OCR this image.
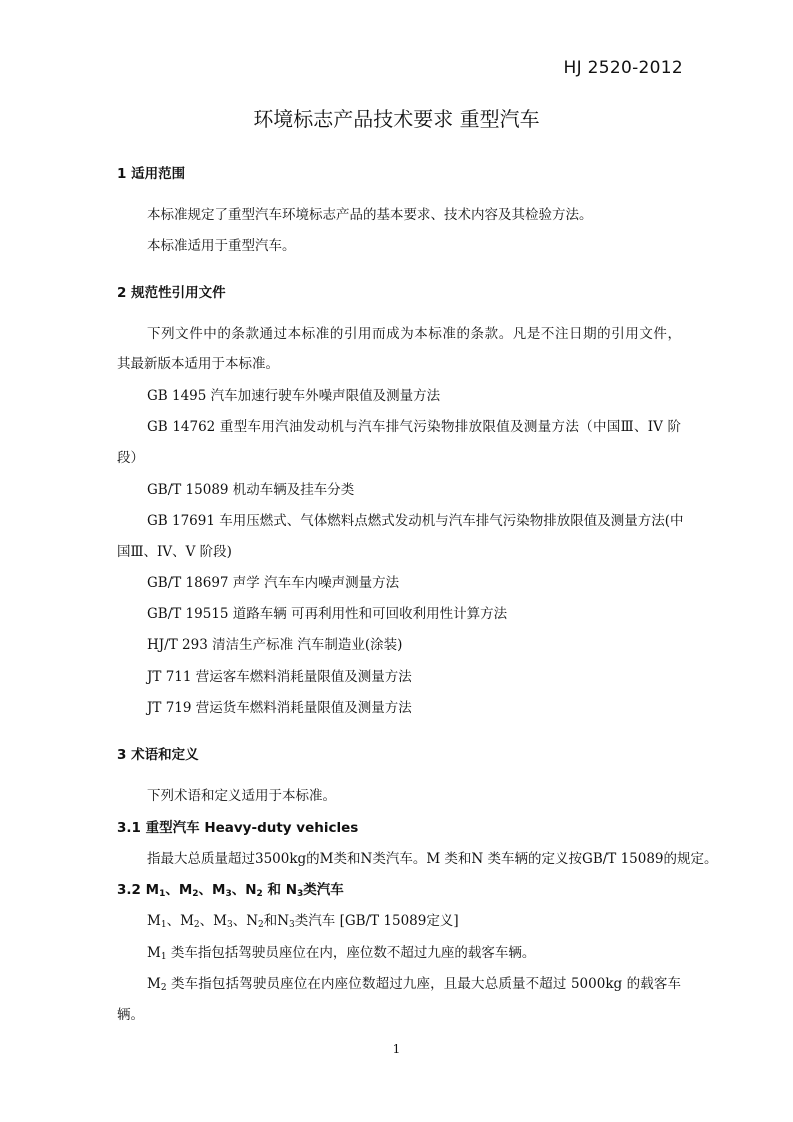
HJ 2520-2012
环境标志产品技术要求 重型汽车
1 适用范围
本标准规定了重型汽车环境标志产品的基本要求、技术内容及其检验方法。
本标准适用于重型汽车。
2 规范性引用文件
下列文件中的条款通过本标准的引用而成为本标准的条款。凡是不注日期的引用文件，
其最新版本适用于本标准。
GB 1495 汽车加速行驶车外噪声限值及测量方法
GB 14762 重型车用汽油发动机与汽车排气污染物排放限值及测量方法（中国Ⅲ、IV 阶
段）
GB/T 15089 机动车辆及挂车分类
GB 17691 车用压燃式、气体燃料点燃式发动机与汽车排气污染物排放限值及测量方法(中
国Ⅲ、IV、V 阶段)
GB/T 18697 声学 汽车车内噪声测量方法
GB/T 19515 道路车辆 可再利用性和可回收利用性计算方法
HJ/T 293 清洁生产标准 汽车制造业(涂装)
JT 711 营运客车燃料消耗量限值及测量方法
JT 719 营运货车燃料消耗量限值及测量方法
3 术语和定义
下列术语和定义适用于本标准。
3.1 重型汽车 Heavy-duty vehicles
指最大总质量超过3500kg的M类和N类汽车。M 类和N 类车辆的定义按GB/T 15089的规定。
3.2 $M_1$、$M_2$、$M_3$、$N_2$ 和 $N_3$类汽车
$M_1$、$M_2$、$M_3$、$N_2$和$N_3$类汽车 [GB/T 15089定义]
$M_1$ 类车指包括驾驶员座位在内，座位数不超过九座的载客车辆。
$M_2$ 类车指包括驾驶员座位在内座位数超过九座，且最大总质量不超过 5000kg 的载客车
辆。
1
